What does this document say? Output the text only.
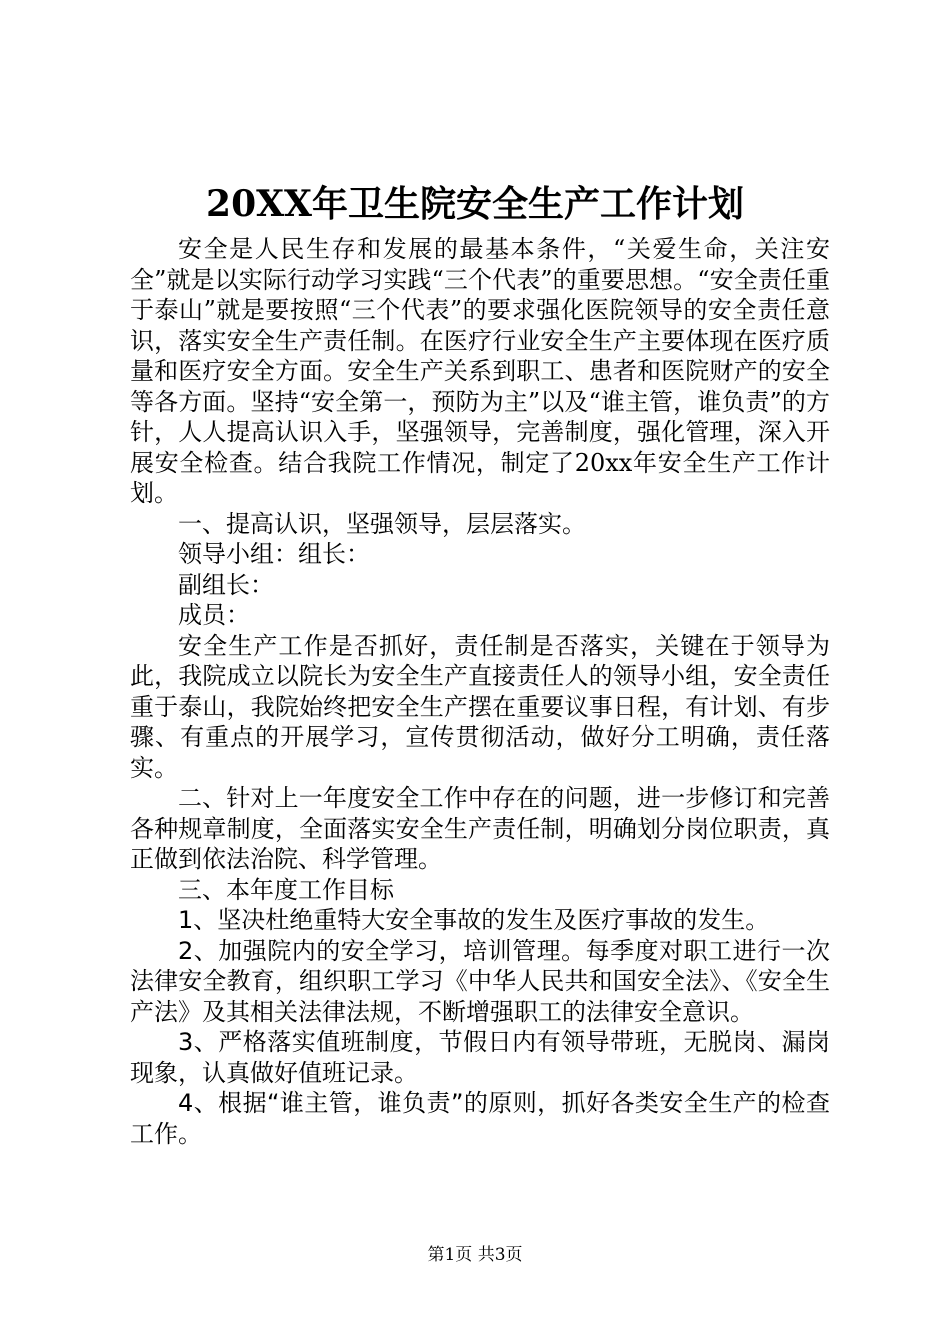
20XX年卫生院安全生产工作计划

安全是人民生存和发展的最基本条件，“关爱生命，关注安全”就是以实际行动学习实践“三个代表”的重要思想。“安全责任重于泰山”就是要按照“三个代表”的要求强化医院领导的安全责任意识，落实安全生产责任制。在医疗行业安全生产主要体现在医疗质量和医疗安全方面。安全生产关系到职工、患者和医院财产的安全等各方面。坚持“安全第一，预防为主”以及“谁主管，谁负责”的方针，人人提高认识入手，坚强领导，完善制度，强化管理，深入开展安全检查。结合我院工作情况，制定了20xx年安全生产工作计划。

一、提高认识，坚强领导，层层落实。

领导小组：组长：

副组长：

成员：

安全生产工作是否抓好，责任制是否落实，关键在于领导为此，我院成立以院长为安全生产直接责任人的领导小组，安全责任重于泰山，我院始终把安全生产摆在重要议事日程，有计划、有步骤、有重点的开展学习，宣传贯彻活动，做好分工明确，责任落实。

二、针对上一年度安全工作中存在的问题，进一步修订和完善各种规章制度，全面落实安全生产责任制，明确划分岗位职责，真正做到依法治院、科学管理。

三、本年度工作目标

1、坚决杜绝重特大安全事故的发生及医疗事故的发生。

2、加强院内的安全学习，培训管理。每季度对职工进行一次法律安全教育，组织职工学习《中华人民共和国安全法》、《安全生产法》及其相关法律法规，不断增强职工的法律安全意识。

3、严格落实值班制度，节假日内有领导带班，无脱岗、漏岗现象，认真做好值班记录。

4、根据“谁主管，谁负责”的原则，抓好各类安全生产的检查工作。

第1页 共3页
